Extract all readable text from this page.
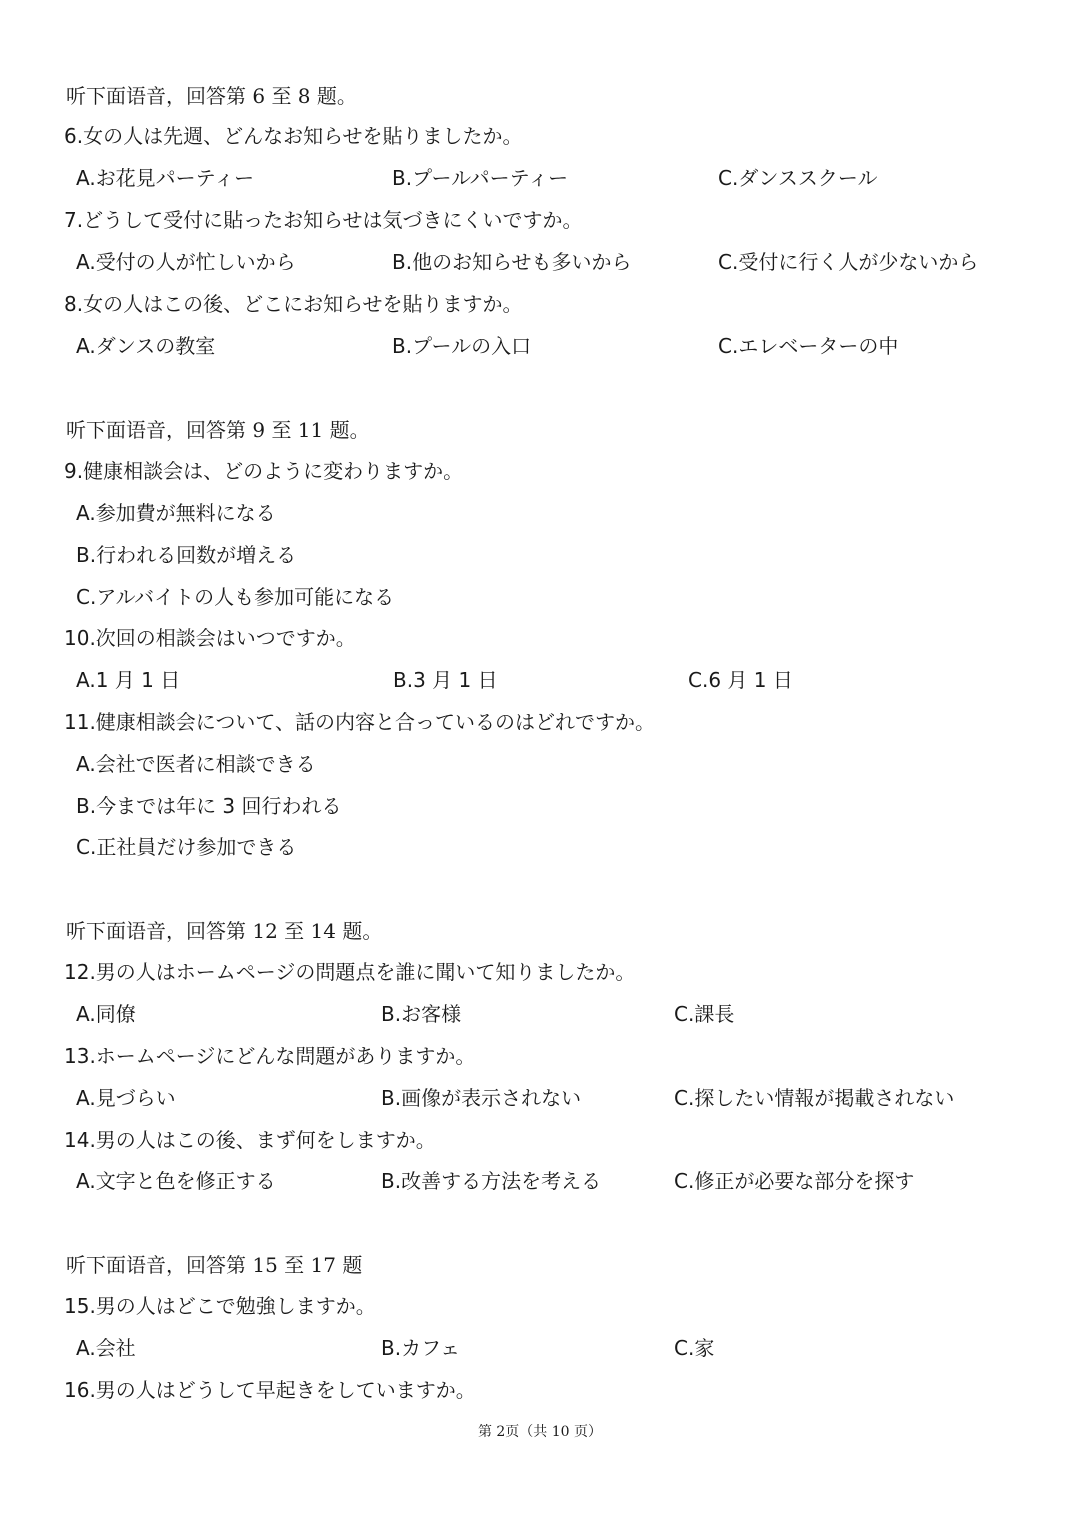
听下面语音，回答第 6 至 8 题。
6.女の人は先週、どんなお知らせを貼りましたか。
A.お花見パーティー	B.プールパーティー	C.ダンススクール
7.どうして受付に貼ったお知らせは気づきにくいですか。
A.受付の人が忙しいから	B.他のお知らせも多いから	C.受付に行く人が少ないから
8.女の人はこの後、どこにお知らせを貼りますか。
A.ダンスの教室	B.プールの入口	C.エレベーターの中
听下面语音，回答第 9 至 11 题。
9.健康相談会は、どのように変わりますか。
A.参加費が無料になる
B.行われる回数が増える
C.アルバイトの人も参加可能になる
10.次回の相談会はいつですか。
A.1 月 1 日	B.3 月 1 日	C.6 月 1 日
11.健康相談会について、話の内容と合っているのはどれですか。
A.会社で医者に相談できる
B.今までは年に 3 回行われる
C.正社員だけ参加できる
听下面语音，回答第 12 至 14 题。
12.男の人はホームページの問題点を誰に聞いて知りましたか。
A.同僚	B.お客様	C.課長
13.ホームページにどんな問題がありますか。
A.見づらい	B.画像が表示されない	C.探したい情報が掲載されない
14.男の人はこの後、まず何をしますか。
A.文字と色を修正する	B.改善する方法を考える	C.修正が必要な部分を探す
听下面语音，回答第 15 至 17 题
15.男の人はどこで勉強しますか。
A.会社	B.カフェ	C.家
16.男の人はどうして早起きをしていますか。
第 2页（共 10 页）
